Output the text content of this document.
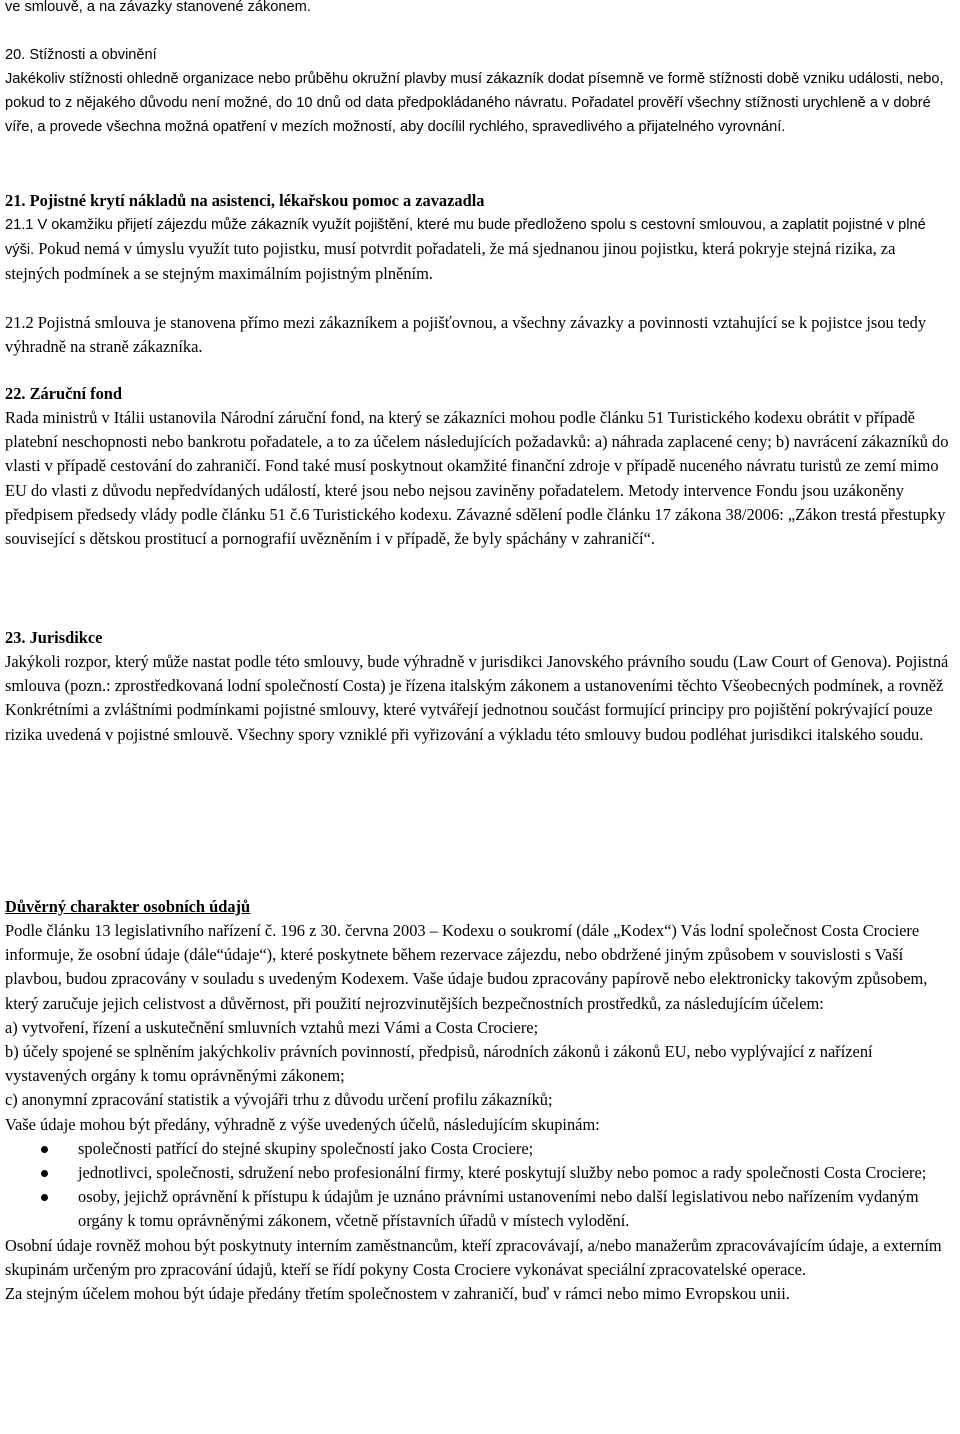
ve smlouvě, a na závazky stanovené zákonem.

20. Stížnosti a obvinění

Jakékoliv stížnosti ohledně organizace nebo průběhu okružní plavby musí zákazník dodat písemně ve formě stížnosti době vzniku události, nebo, pokud to z nějakého důvodu není možné, do 10 dnů od data předpokládaného návratu. Pořadatel prověří všechny stížnosti urychleně a v dobré víře, a provede všechna možná opatření v mezích možností, aby docílil rychlého, spravedlivého a přijatelného vyrovnání.

21. Pojistné krytí nákladů na asistenci, lékařskou pomoc a zavazadla

21.1 V okamžiku přijetí zájezdu může zákazník využít pojištění, které mu bude předloženo spolu s cestovní smlouvou, a zaplatit pojistné v plné výši. Pokud nemá v úmyslu využít tuto pojistku, musí potvrdit pořadateli, že má sjednanou jinou pojistku, která pokryje stejná rizika, za stejných podmínek a se stejným maximálním pojistným plněním.

21.2 Pojistná smlouva je stanovena přímo mezi zákazníkem a pojišťovnou, a všechny závazky a povinnosti vztahující se k pojistce jsou tedy výhradně na straně zákazníka.

22. Záruční fond

Rada ministrů v Itálii ustanovila Národní záruční fond, na který se zákazníci mohou podle článku 51 Turistického kodexu obrátit v případě platební neschopnosti nebo bankrotu pořadatele, a to za účelem následujících požadavků: a) náhrada zaplacené ceny; b) navrácení zákazníků do vlasti v případě cestování do zahraničí. Fond také musí poskytnout okamžité finanční zdroje v případě nuceného návratu turistů ze zemí mimo EU do vlasti z důvodu nepředvídaných událostí, které jsou nebo nejsou zaviněny pořadatelem. Metody intervence Fondu jsou uzákoněny předpisem předsedy vlády podle článku 51 č.6 Turistického kodexu. Závazné sdělení podle článku 17 zákona 38/2006: „Zákon trestá přestupky související s dětskou prostitucí a pornografií uvězněním i v případě, že byly spáchány v zahraničí“.

23. Jurisdikce

Jakýkoli rozpor, který může nastat podle této smlouvy, bude výhradně v jurisdikci Janovského právního soudu (Law Court of Genova). Pojistná smlouva (pozn.: zprostředkovaná lodní společností Costa) je řízena italským zákonem a ustanoveními těchto Všeobecných podmínek, a rovněž Konkrétními a zvláštními podmínkami pojistné smlouvy, které vytvářejí jednotnou součást formující principy pro pojištění pokrývající pouze rizika uvedená v pojistné smlouvě. Všechny spory vzniklé při vyřizování a výkladu této smlouvy budou podléhat jurisdikci italského soudu.

Důvěrný charakter osobních údajů

Podle článku 13 legislativního nařízení č. 196 z 30. června 2003 – Kodexu o soukromí (dále „Kodex“) Vás lodní společnost Costa Crociere informuje, že osobní údaje (dále“údaje“), které poskytnete během rezervace zájezdu, nebo obdržené jiným způsobem v souvislosti s Vaší plavbou, budou zpracovány v souladu s uvedeným Kodexem. Vaše údaje budou zpracovány papírově nebo elektronicky takovým způsobem, který zaručuje jejich celistvost a důvěrnost, při použití nejrozvinutějších bezpečnostních prostředků, za následujícím účelem:

a) vytvoření, řízení a uskutečnění smluvních vztahů mezi Vámi a Costa Crociere;

b) účely spojené se splněním jakýchkoliv právních povinností, předpisů, národních zákonů i zákonů EU, nebo vyplývající z nařízení vystavených orgány k tomu oprávněnými zákonem;

c) anonymní zpracování statistik a vývojáři trhu z důvodu určení profilu zákazníků;

Vaše údaje mohou být předány, výhradně z výše uvedených účelů, následujícím skupinám:

společnosti patřící do stejné skupiny společností jako Costa Crociere;
jednotlivci, společnosti, sdružení nebo profesionální firmy, které poskytují služby nebo pomoc a rady společnosti Costa Crociere;
osoby, jejichž oprávnění k přístupu k údajům je uznáno právními ustanoveními nebo další legislativou nebo nařízením vydaným orgány k tomu oprávněnými zákonem, včetně přístavních úřadů v místech vylodění.

Osobní údaje rovněž mohou být poskytnuty interním zaměstnancům, kteří zpracovávají, a/nebo manažerům zpracovávajícím údaje, a externím skupinám určeným pro zpracování údajů, kteří se řídí pokyny Costa Crociere vykonávat speciální zpracovatelské operace.

Za stejným účelem mohou být údaje předány třetím společnostem v zahraničí, buď v rámci nebo mimo Evropskou unii.
